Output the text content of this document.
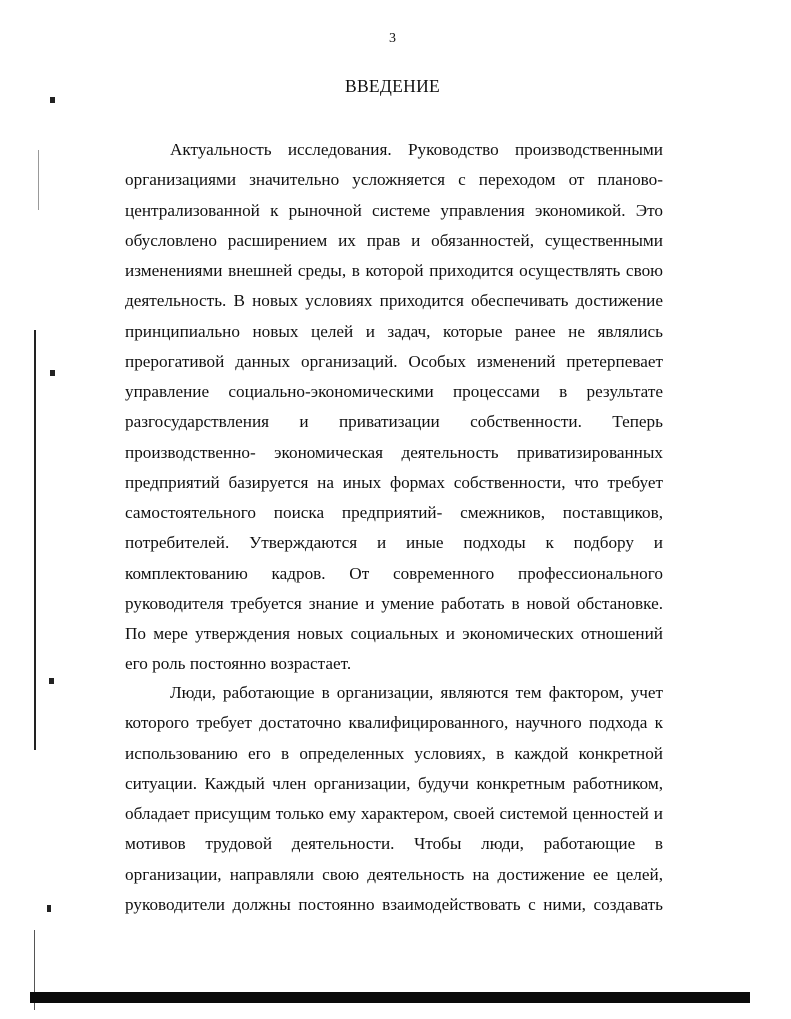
3
ВВЕДЕНИЕ
Актуальность исследования. Руководство производственными
организациями значительно усложняется с переходом от планово-
централизованной к рыночной системе управления экономикой. Это
обусловлено расширением их прав и обязанностей, существенными
изменениями внешней среды, в которой приходится осуществлять свою
деятельность. В новых условиях приходится обеспечивать достижение
принципиально новых целей и задач, которые ранее не являлись
прерогативой данных организаций. Особых изменений претерпевает
управление социально-экономическими процессами в результате
разгосударствления и приватизации собственности. Теперь
производственно- экономическая деятельность приватизированных
предприятий базируется на иных формах собственности, что требует
самостоятельного поиска предприятий- смежников, поставщиков,
потребителей. Утверждаются и иные подходы к подбору и
комплектованию кадров. От современного профессионального
руководителя требуется знание и умение работать в новой обстановке.
По мере утверждения новых социальных и экономических отношений
его роль постоянно возрастает.
Люди, работающие в организации, являются тем фактором, учет
которого требует достаточно квалифицированного, научного подхода к
использованию его в определенных условиях, в каждой конкретной
ситуации. Каждый член организации, будучи конкретным работником,
обладает присущим только ему характером, своей системой ценностей и
мотивов трудовой деятельности. Чтобы люди, работающие в
организации, направляли свою деятельность на достижение ее целей,
руководители должны постоянно взаимодействовать с ними, создавать
